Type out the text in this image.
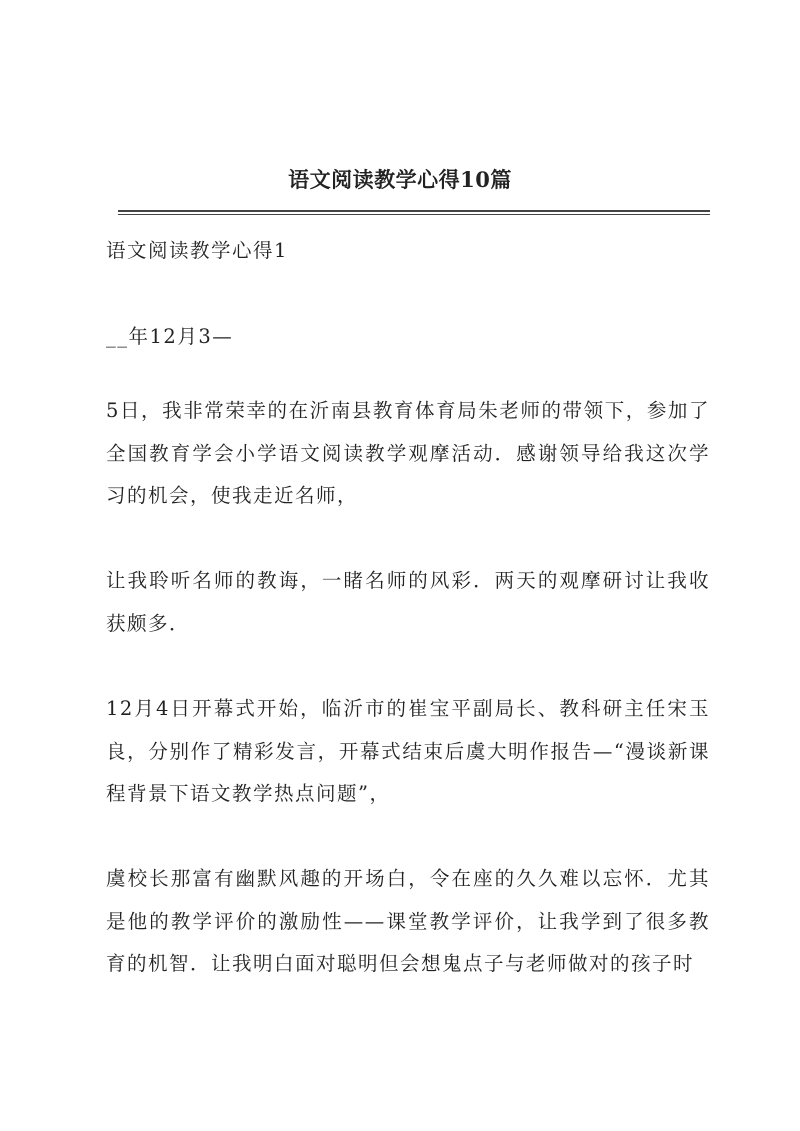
语文阅读教学心得10篇

语文阅读教学心得1

__年12月3—

5日，我非常荣幸的在沂南县教育体育局朱老师的带领下，参加了全国教育学会小学语文阅读教学观摩活动．感谢领导给我这次学习的机会，使我走近名师，

让我聆听名师的教诲，一睹名师的风彩．两天的观摩研讨让我收获颇多．

12月4日开幕式开始，临沂市的崔宝平副局长、教科研主任宋玉良，分别作了精彩发言，开幕式结束后虞大明作报告—“漫谈新课程背景下语文教学热点问题”，

虞校长那富有幽默风趣的开场白，令在座的久久难以忘怀．尤其是他的教学评价的激励性——课堂教学评价，让我学到了很多教育的机智．让我明白面对聪明但会想鬼点子与老师做对的孩子时
